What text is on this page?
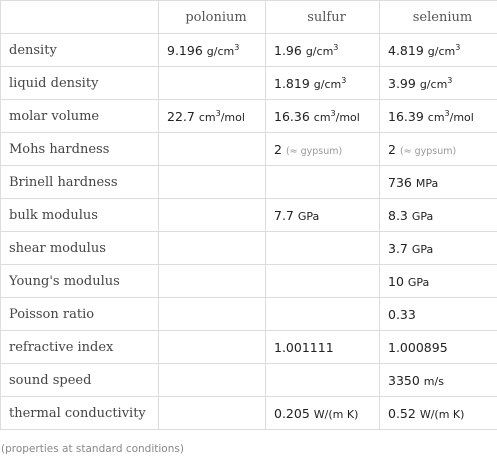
	polonium	sulfur	selenium
density	9.196 $g/cm^3$	1.96 $g/cm^3$	4.819 $g/cm^3$
liquid density		1.819 $g/cm^3$	3.99 $g/cm^3$
molar volume	22.7 $cm^3$/mol	16.36 $cm^3$/mol	16.39 $cm^3$/mol
Mohs hardness		2 (≈ gypsum)	2 (≈ gypsum)
Brinell hardness			736 MPa
bulk modulus		7.7 GPa	8.3 GPa
shear modulus			3.7 GPa
Young's modulus			10 GPa
Poisson ratio			0.33
refractive index		1.001111	1.000895
sound speed			3350 m/s
thermal conductivity		0.205 W/(m K)	0.52 W/(m K)
(properties at standard conditions)
